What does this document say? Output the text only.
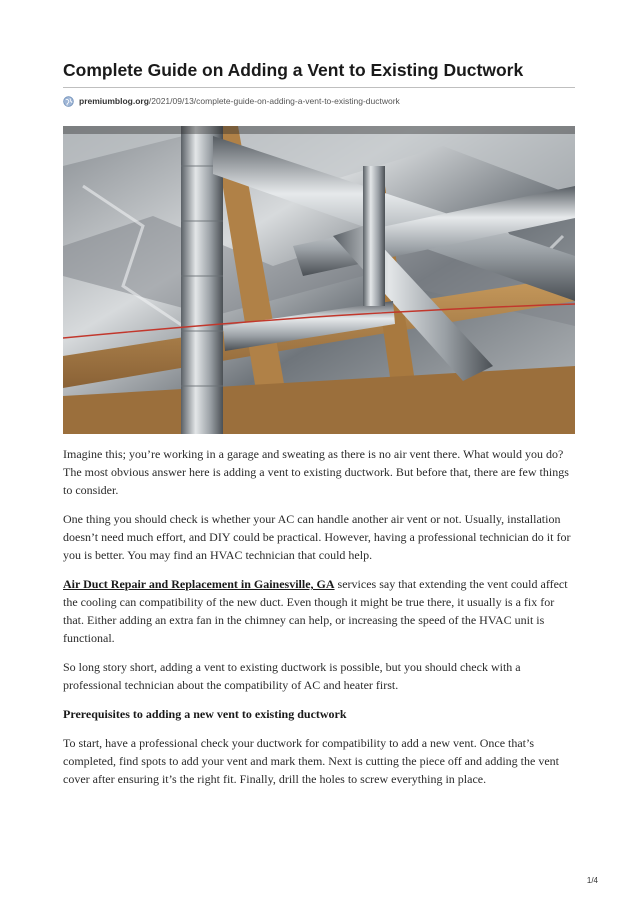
Complete Guide on Adding a Vent to Existing Ductwork
premiumblog.org /2021/09/13/complete-guide-on-adding-a-vent-to-existing-ductwork

Imagine this; you’re working in a garage and sweating as there is no air vent there. What would you do? The most obvious answer here is adding a vent to existing ductwork. But before that, there are few things to consider.

One thing you should check is whether your AC can handle another air vent or not. Usually, installation doesn’t need much effort, and DIY could be practical. However, having a professional technician do it for you is better. You may find an HVAC technician that could help.

Air Duct Repair and Replacement in Gainesville, GA services say that extending the vent could affect the cooling can compatibility of the new duct. Even though it might be true there, it usually is a fix for that. Either adding an extra fan in the chimney can help, or increasing the speed of the HVAC unit is functional.

So long story short, adding a vent to existing ductwork is possible, but you should check with a professional technician about the compatibility of AC and heater first.

Prerequisites to adding a new vent to existing ductwork

To start, have a professional check your ductwork for compatibility to add a new vent. Once that’s completed, find spots to add your vent and mark them. Next is cutting the piece off and adding the vent cover after ensuring it’s the right fit. Finally, drill the holes to screw everything in place.

1/4
